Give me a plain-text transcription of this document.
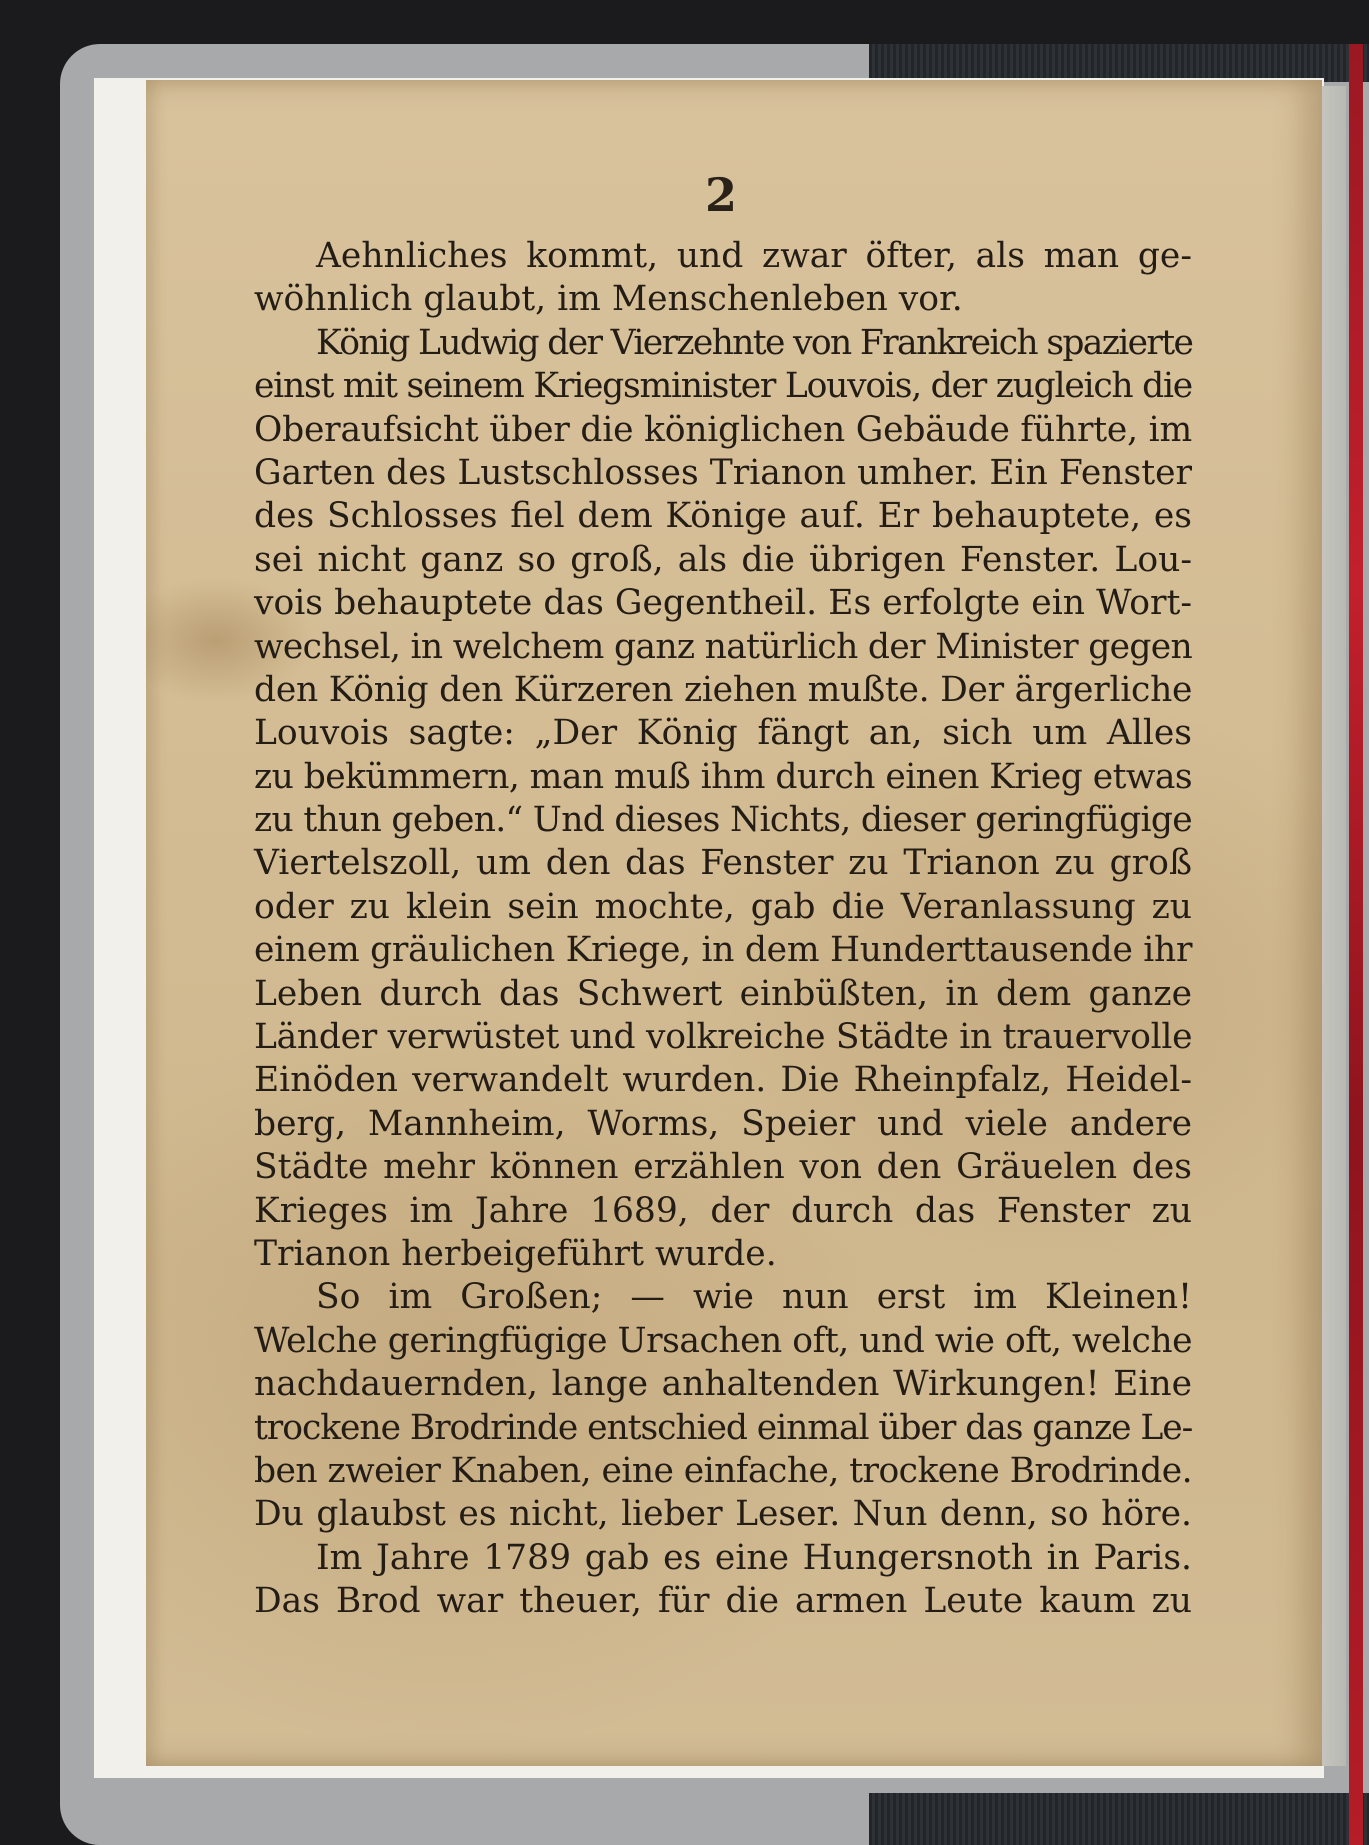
2
Aehnliches kommt, und zwar öfter, als man ge-
wöhnlich glaubt, im Menschenleben vor.
König Ludwig der Vierzehnte von Frankreich spazierte
einst mit seinem Kriegsminister Louvois, der zugleich die
Oberaufsicht über die königlichen Gebäude führte, im
Garten des Lustschlosses Trianon umher. Ein Fenster
des Schlosses fiel dem Könige auf. Er behauptete, es
sei nicht ganz so groß, als die übrigen Fenster. Lou-
vois behauptete das Gegentheil. Es erfolgte ein Wort-
wechsel, in welchem ganz natürlich der Minister gegen
den König den Kürzeren ziehen mußte. Der ärgerliche
Louvois sagte: „Der König fängt an, sich um Alles
zu bekümmern, man muß ihm durch einen Krieg etwas
zu thun geben.“ Und dieses Nichts, dieser geringfügige
Viertelszoll, um den das Fenster zu Trianon zu groß
oder zu klein sein mochte, gab die Veranlassung zu
einem gräulichen Kriege, in dem Hunderttausende ihr
Leben durch das Schwert einbüßten, in dem ganze
Länder verwüstet und volkreiche Städte in trauervolle
Einöden verwandelt wurden. Die Rheinpfalz, Heidel-
berg, Mannheim, Worms, Speier und viele andere
Städte mehr können erzählen von den Gräuelen des
Krieges im Jahre 1689, der durch das Fenster zu
Trianon herbeigeführt wurde.
So im Großen; — wie nun erst im Kleinen!
Welche geringfügige Ursachen oft, und wie oft, welche
nachdauernden, lange anhaltenden Wirkungen! Eine
trockene Brodrinde entschied einmal über das ganze Le-
ben zweier Knaben, eine einfache, trockene Brodrinde.
Du glaubst es nicht, lieber Leser. Nun denn, so höre.
Im Jahre 1789 gab es eine Hungersnoth in Paris.
Das Brod war theuer, für die armen Leute kaum zu
